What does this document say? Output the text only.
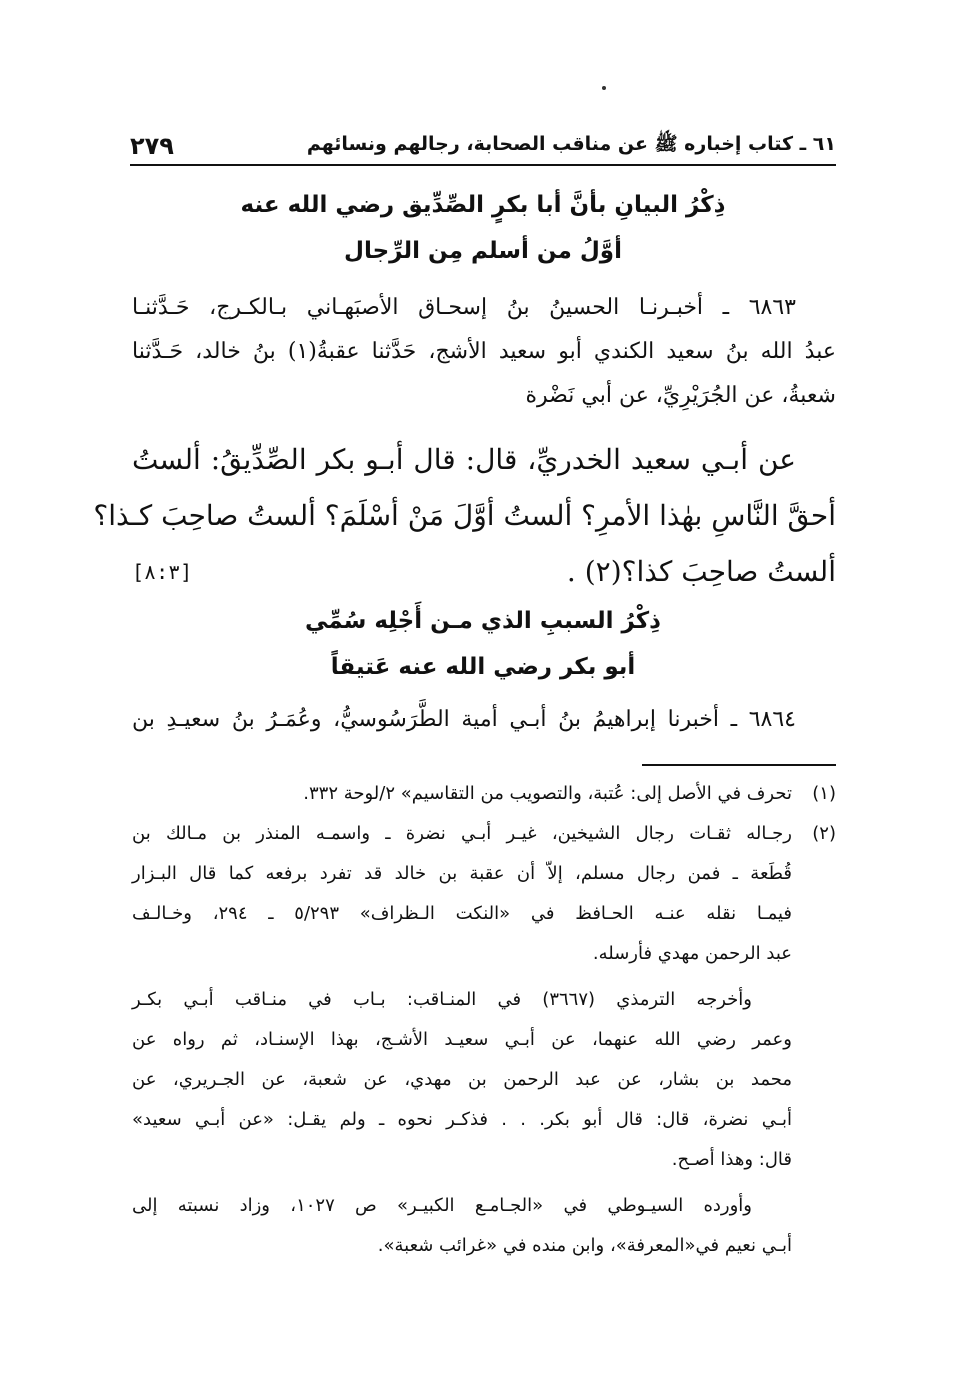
٦١ ـ كتاب إخباره ﷺ عن مناقب الصحابة، رجالهم ونسائهم
٢٧٩
ذِكْرُ البيانِ بأنَّ أبا بكرٍ الصِّدِّيق رضي الله عنه
أوَّلُ من أسلم مِن الرِّجال
٦٨٦٣ ـ أخبـرنـا الحسينُ بنُ إسحـاق الأصبَهـاني بـالكـرج، حَـدَّثنـا
عبدُ الله بنُ سعيد الكندي أبو سعيد الأشج، حَدَّثنا عقبةُ(١) بنُ خالد، حَـدَّثنا
شعبةُ، عن الجُرَيْرِيِّ، عن أبي نَضْرة
عن أبـي سعيد الخدريِّ، قال: قال أبـو بكر الصِّدِّيقُ: ألستُ
أحقَّ النَّاسِ بهٰذا الأمرِ؟ ألستُ أوَّلَ مَنْ أسْلَمَ؟ ألستُ صاحِبَ كـذا؟
ألستُ صاحِبَ كذا؟(٢) .
[٨:٣]
ذِكْرُ السببِ الذي مـن أَجْلِه سُمِّي
أبو بكر رضي الله عنه عَتيقاً
٦٨٦٤ ـ أخبرنا إبراهيمُ بنُ أبـي أمية الطَّرَسُوسيُّ، وعُمَـرُ بنُ سعيـدِ بن
(١)
تحرف في الأصل إلى: عُتبة، والتصويب من التقاسيم» ٢/لوحة ٣٣٢.
(٢)
رجـاله ثقـات رجال الشيخين، غيـر أبـي نضرة ـ واسمـه المنذر بن مـالك بن
قُطَعة ـ فمن رجال مسلم، إلاّ أن عقبة بن خالد قد تفرد برفعه كما قال البـزار
فيمـا نقله عنـه الحـافظ في «النكت الـظراف» ٥/٢٩٣ ـ ٢٩٤، وخـالـف
عبد الرحمن مهدي فأرسله.
وأخرجه الترمذي (٣٦٦٧) في المنـاقب: بـاب في منـاقب أبـي بكـر
وعمر رضي الله عنهما، عن أبـي سعيـد الأشـج، بهذا الإسنـاد، ثم رواه عن
محمد بن بشار، عن عبد الرحمن بن مهدي، عن شعبة، عن الجـريري، عن
أبـي نضرة، قال: قال أبو بكر. . . فذكـر نحوه ـ ولم يقـل: «عن أبـي سعيد»
قال: وهذا أصـح.
وأورده السيـوطي في «الجـامـع الكبيـر» ص ١٠٢٧، وزاد نسبته إلى
أبـي نعيم في«المعرفة»، وابن منده في «غرائب شعبة».
